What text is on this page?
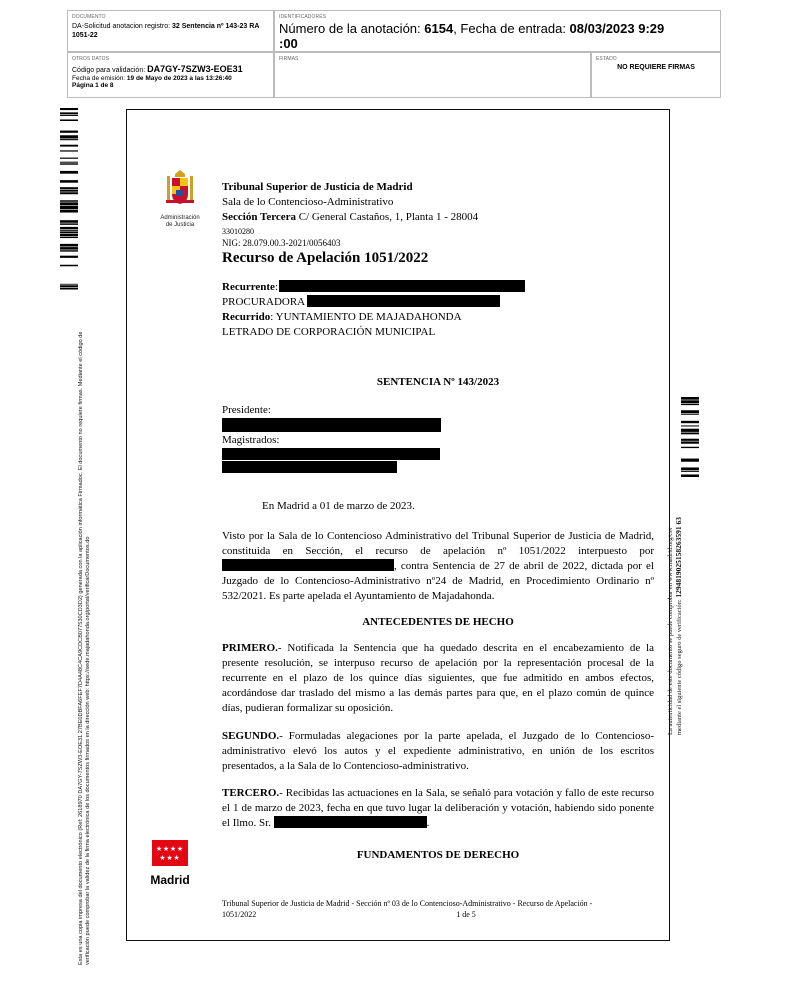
DOCUMENTO
DA-Solicitud anotacion registro: 32 Sentencia nº 143-23 RA 1051-22
IDENTIFICADORES
Número de la anotación: 6154, Fecha de entrada: 08/03/2023 9:29
:00
OTROS DATOS
Código para validación: DA7GY-7SZW3-EOE31
Fecha de emisión: 19 de Mayo de 2023 a las 13:26:40
Página 1 de 8
FIRMAS	ESTADO
NO REQUIERE FIRMAS
Esta es una copia impresa del documento electrónico (Ref: 2618970 DA7GY-7SZW3-EOE31 27BE0DBFA6FEF7D4A48C4CA9CDCB077530CD3D2) generada con la aplicación informática Firmadoc. El documento no requiere firmas. Mediante el código de verificación puede comprobar la validez de la firma electrónica de los documentos firmados en la dirección web: https://sede.majadahonda.org/portal/verificarDocumentos.do
Administración
de Justicia
Tribunal Superior de Justicia de Madrid
Sala de lo Contencioso-Administrativo
Sección Tercera C/ General Castaños, 1, Planta 1 - 28004
33010280
NIG: 28.079.00.3-2021/0056403
Recurso de Apelación 1051/2022
Recurrente:
PROCURADORA
Recurrido: YUNTAMIENTO DE MAJADAHONDA
LETRADO DE CORPORACIÓN MUNICIPAL
SENTENCIA Nº 143/2023
Presidente:
Magistrados:
En Madrid a 01 de marzo de 2023.
Visto por la Sala de lo Contencioso Administrativo del Tribunal Superior de Justicia de Madrid, constituida en Sección, el recurso de apelación nº 1051/2022 interpuesto por , contra Sentencia de 27 de abril de 2022, dictada por el Juzgado de lo Contencioso-Administrativo nº24 de Madrid, en Procedimiento Ordinario nº 532/2021. Es parte apelada el Ayuntamiento de Majadahonda.
ANTECEDENTES DE HECHO
PRIMERO.- Notificada la Sentencia que ha quedado descrita en el encabezamiento de la presente resolución, se interpuso recurso de apelación por la representación procesal de la recurrente en el plazo de los quince días siguientes, que fue admitido en ambos efectos, acordándose dar traslado del mismo a las demás partes para que, en el plazo común de quince días, pudieran formalizar su oposición.
SEGUNDO.- Formuladas alegaciones por la parte apelada, el Juzgado de lo Contencioso-administrativo elevó los autos y el expediente administrativo, en unión de los escritos presentados, a la Sala de lo Contencioso-administrativo.
TERCERO.- Recibidas las actuaciones en la Sala, se señaló para votación y fallo de este recurso el 1 de marzo de 2023, fecha en que tuvo lugar la deliberación y votación, habiendo sido ponente el Ilmo. Sr.	.
FUNDAMENTOS DE DERECHO
★ ★ ★ ★
★ ★ ★
Madrid
Tribunal Superior de Justicia de Madrid - Sección nº 03 de lo Contencioso-Administrativo - Recurso de Apelación - 1051/2022                         	1 de 5
La autenticidad de este documento se puede comprobar en www.madrid.org/csv mediante el siguiente código seguro de verificación: 1294819025158263591 63
